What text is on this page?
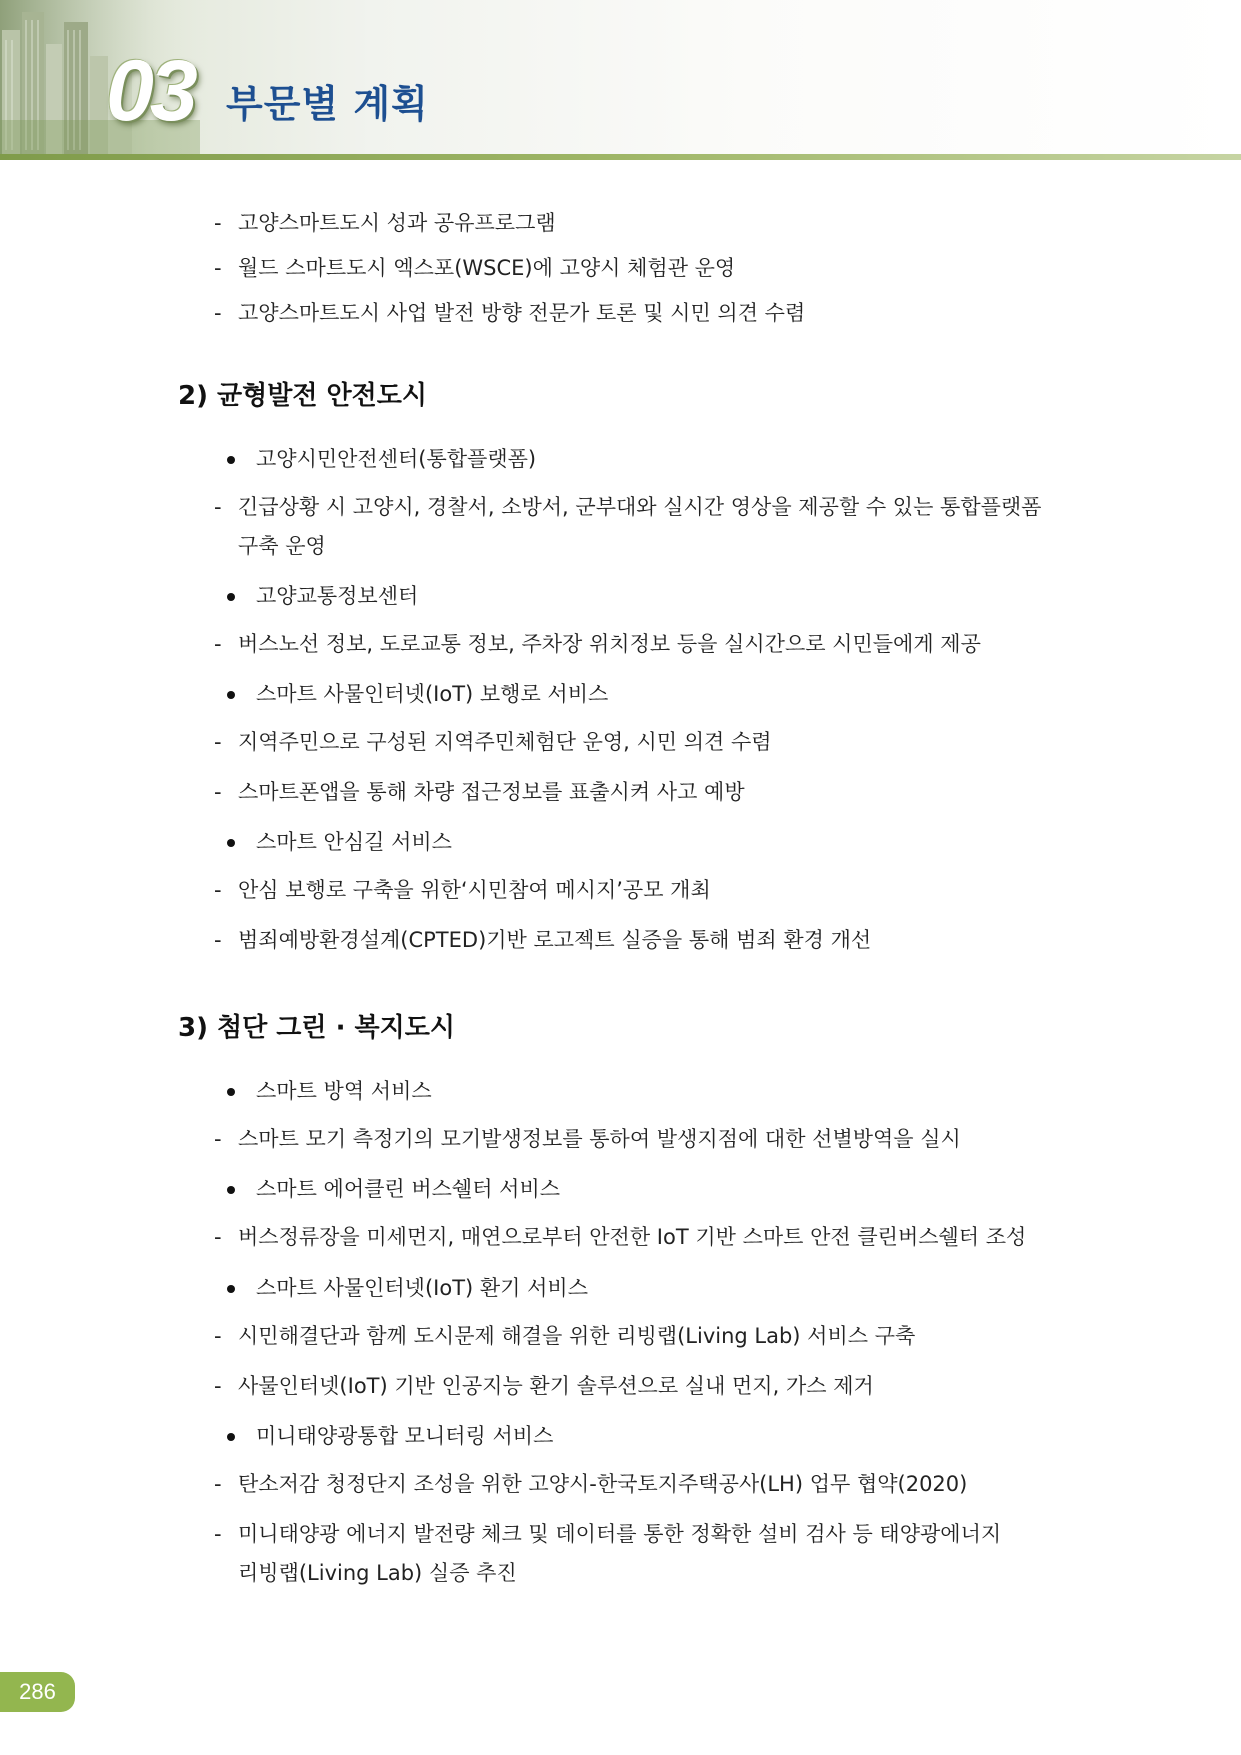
03 부문별 계획
- 고양스마트도시 성과 공유프로그램
- 월드 스마트도시 엑스포(WSCE)에 고양시 체험관 운영
- 고양스마트도시 사업 발전 방향 전문가 토론 및 시민 의견 수렴
2) 균형발전 안전도시
고양시민안전센터(통합플랫폼)
- 긴급상황 시 고양시, 경찰서, 소방서, 군부대와 실시간 영상을 제공할 수 있는 통합플랫폼
구축 운영
고양교통정보센터
- 버스노선 정보, 도로교통 정보, 주차장 위치정보 등을 실시간으로 시민들에게 제공
스마트 사물인터넷(IoT) 보행로 서비스
- 지역주민으로 구성된 지역주민체험단 운영, 시민 의견 수렴
- 스마트폰앱을 통해 차량 접근정보를 표출시켜 사고 예방
스마트 안심길 서비스
- 안심 보행로 구축을 위한‘시민참여 메시지’공모 개최
- 범죄예방환경설계(CPTED)기반 로고젝트 실증을 통해 범죄 환경 개선
3) 첨단 그린 · 복지도시
스마트 방역 서비스
- 스마트 모기 측정기의 모기발생정보를 통하여 발생지점에 대한 선별방역을 실시
스마트 에어클린 버스쉘터 서비스
- 버스정류장을 미세먼지, 매연으로부터 안전한 IoT 기반 스마트 안전 클린버스쉘터 조성
스마트 사물인터넷(IoT) 환기 서비스
- 시민해결단과 함께 도시문제 해결을 위한 리빙랩(Living Lab) 서비스 구축
- 사물인터넷(IoT) 기반 인공지능 환기 솔루션으로 실내 먼지, 가스 제거
미니태양광통합 모니터링 서비스
- 탄소저감 청정단지 조성을 위한 고양시-한국토지주택공사(LH) 업무 협약(2020)
- 미니태양광 에너지 발전량 체크 및 데이터를 통한 정확한 설비 검사 등 태양광에너지
리빙랩(Living Lab) 실증 추진
286
